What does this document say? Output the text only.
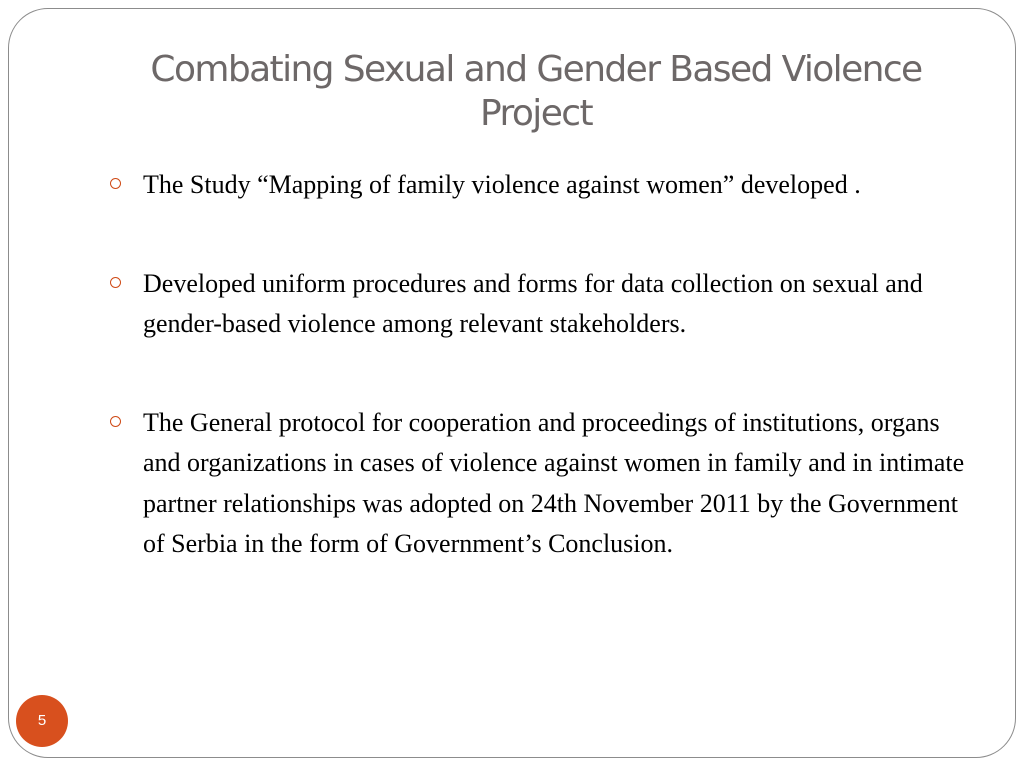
Combating Sexual and Gender Based Violence Project
The Study “Mapping of family violence against women” developed .
Developed uniform procedures and forms for data collection on sexual and gender-based violence among relevant stakeholders.
The General protocol for cooperation and proceedings of institutions, organs and organizations in cases of violence against women in family and in intimate partner relationships was adopted on 24th November 2011 by the Government of Serbia in the form of Government’s Conclusion.
5
